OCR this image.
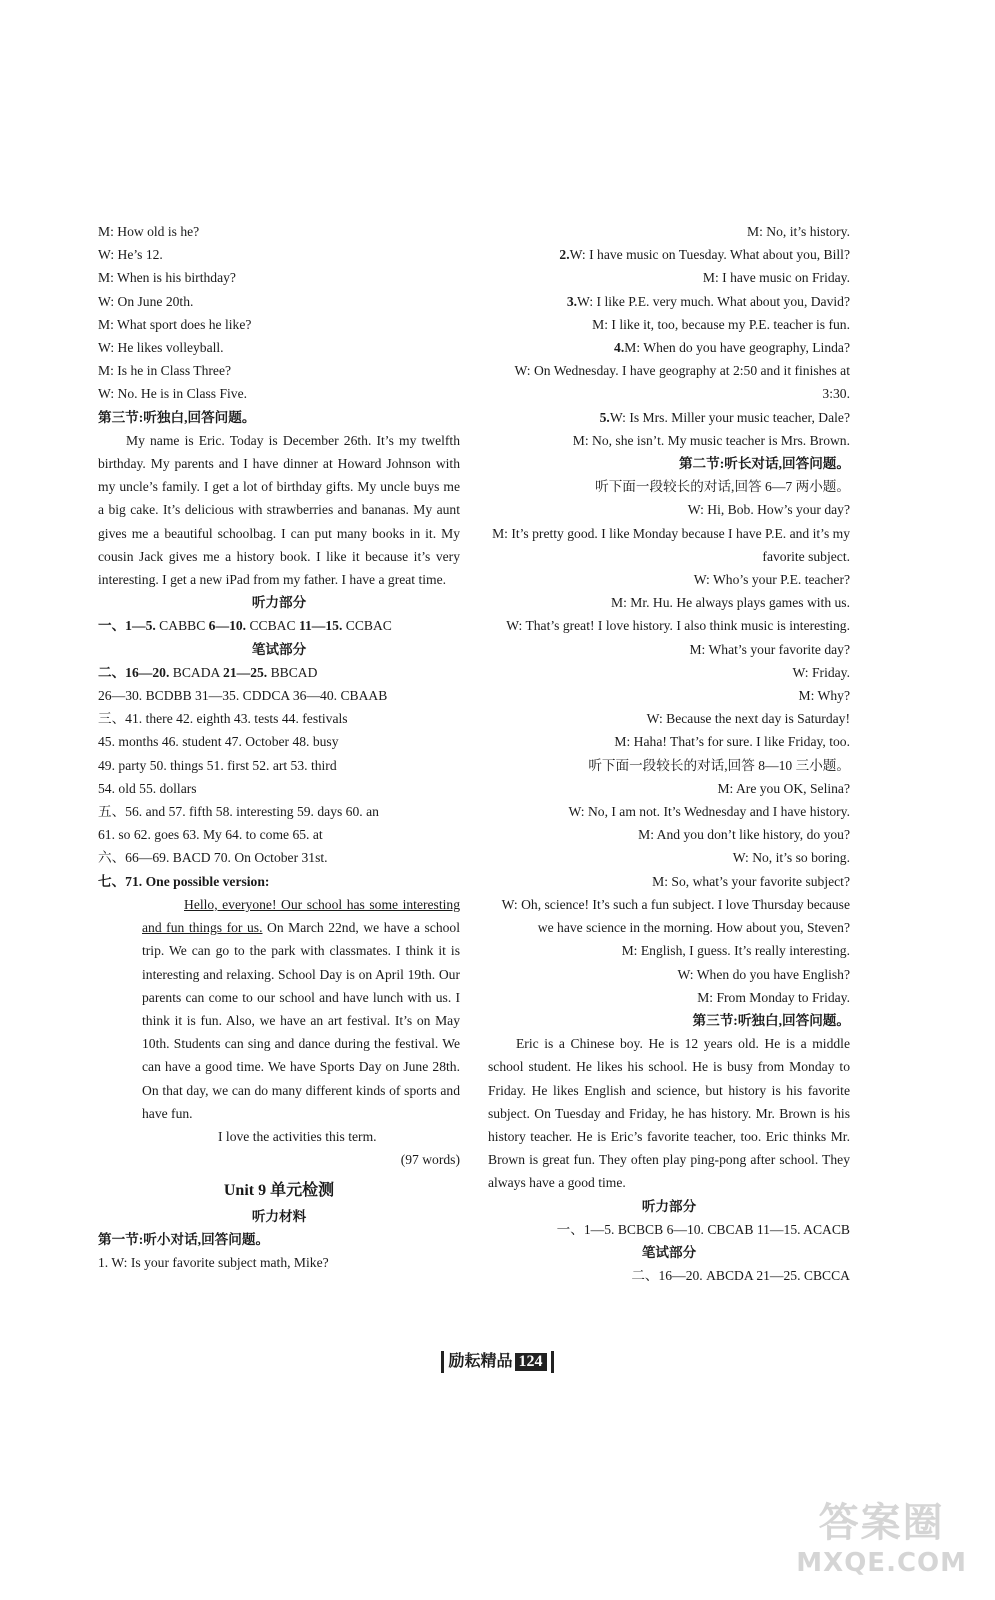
M: How old is he?
W: He’s 12.
M: When is his birthday?
W: On June 20th.
M: What sport does he like?
W: He likes volleyball.
M: Is he in Class Three?
W: No. He is in Class Five.
第三节:听独白,回答问题。
My name is Eric. Today is December 26th. It’s my twelfth birthday. My parents and I have dinner at Howard Johnson with my uncle’s family. I get a lot of birthday gifts. My uncle buys me a big cake. It’s delicious with strawberries and bananas. My aunt gives me a beautiful schoolbag. I can put many books in it. My cousin Jack gives me a history book. I like it because it’s very interesting. I get a new iPad from my father. I have a great time.
听力部分
一、1—5. CABBC 6—10. CCBAC 11—15. CCBAC
笔试部分
二、16—20. BCADA 21—25. BBCAD
26—30. BCDBB 31—35. CDDCA 36—40. CBAAB
三、41. there 42. eighth 43. tests 44. festivals
45. months 46. student 47. October 48. busy
49. party 50. things 51. first 52. art 53. third
54. old 55. dollars
五、56. and 57. fifth 58. interesting 59. days 60. an
61. so 62. goes 63. My 64. to come 65. at
六、66—69. BACD 70. On October 31st.
七、71. One possible version:

Hello, everyone! Our school has some interesting and fun things for us. On March 22nd, we have a school trip. We can go to the park with classmates. I think it is interesting and relaxing. School Day is on April 19th. Our parents can come to our school and have lunch with us. I think it is fun. Also, we have an art festival. It’s on May 10th. Students can sing and dance during the festival. We can have a good time. We have Sports Day on June 28th. On that day, we can do many different kinds of sports and have fun.

I love the activities this term.

(97 words)
Unit 9 单元检测
听力材料
第一节:听小对话,回答问题。
1. W: Is your favorite subject math, Mike?
M: No, it’s history.
2.W: I have music on Tuesday. What about you, Bill?
M: I have music on Friday.
3.W: I like P.E. very much. What about you, David?
M: I like it, too, because my P.E. teacher is fun.
4.M: When do you have geography, Linda?
W: On Wednesday. I have geography at 2:50 and it finishes at 3:30.
5.W: Is Mrs. Miller your music teacher, Dale?
M: No, she isn’t. My music teacher is Mrs. Brown.
第二节:听长对话,回答问题。
听下面一段较长的对话,回答 6—7 两小题。
W: Hi, Bob. How’s your day?
M: It’s pretty good. I like Monday because I have P.E. and it’s my favorite subject.
W: Who’s your P.E. teacher?
M: Mr. Hu. He always plays games with us.
W: That’s great! I love history. I also think music is interesting.
M: What’s your favorite day?
W: Friday.
M: Why?
W: Because the next day is Saturday!
M: Haha! That’s for sure. I like Friday, too.
听下面一段较长的对话,回答 8—10 三小题。
M: Are you OK, Selina?
W: No, I am not. It’s Wednesday and I have history.
M: And you don’t like history, do you?
W: No, it’s so boring.
M: So, what’s your favorite subject?
W: Oh, science! It’s such a fun subject. I love Thursday because we have science in the morning. How about you, Steven?
M: English, I guess. It’s really interesting.
W: When do you have English?
M: From Monday to Friday.
第三节:听独白,回答问题。
Eric is a Chinese boy. He is 12 years old. He is a middle school student. He likes his school. He is busy from Monday to Friday. He likes English and science, but history is his favorite subject. On Tuesday and Friday, he has history. Mr. Brown is his history teacher. He is Eric’s favorite teacher, too. Eric thinks Mr. Brown is great fun. They often play ping-pong after school. They always have a good time.
听力部分
一、1—5. BCBCB 6—10. CBCAB 11—15. ACACB
笔试部分
二、16—20. ABCDA 21—25. CBCCA
励耘精品 124
答案圈
MXQE.COM
